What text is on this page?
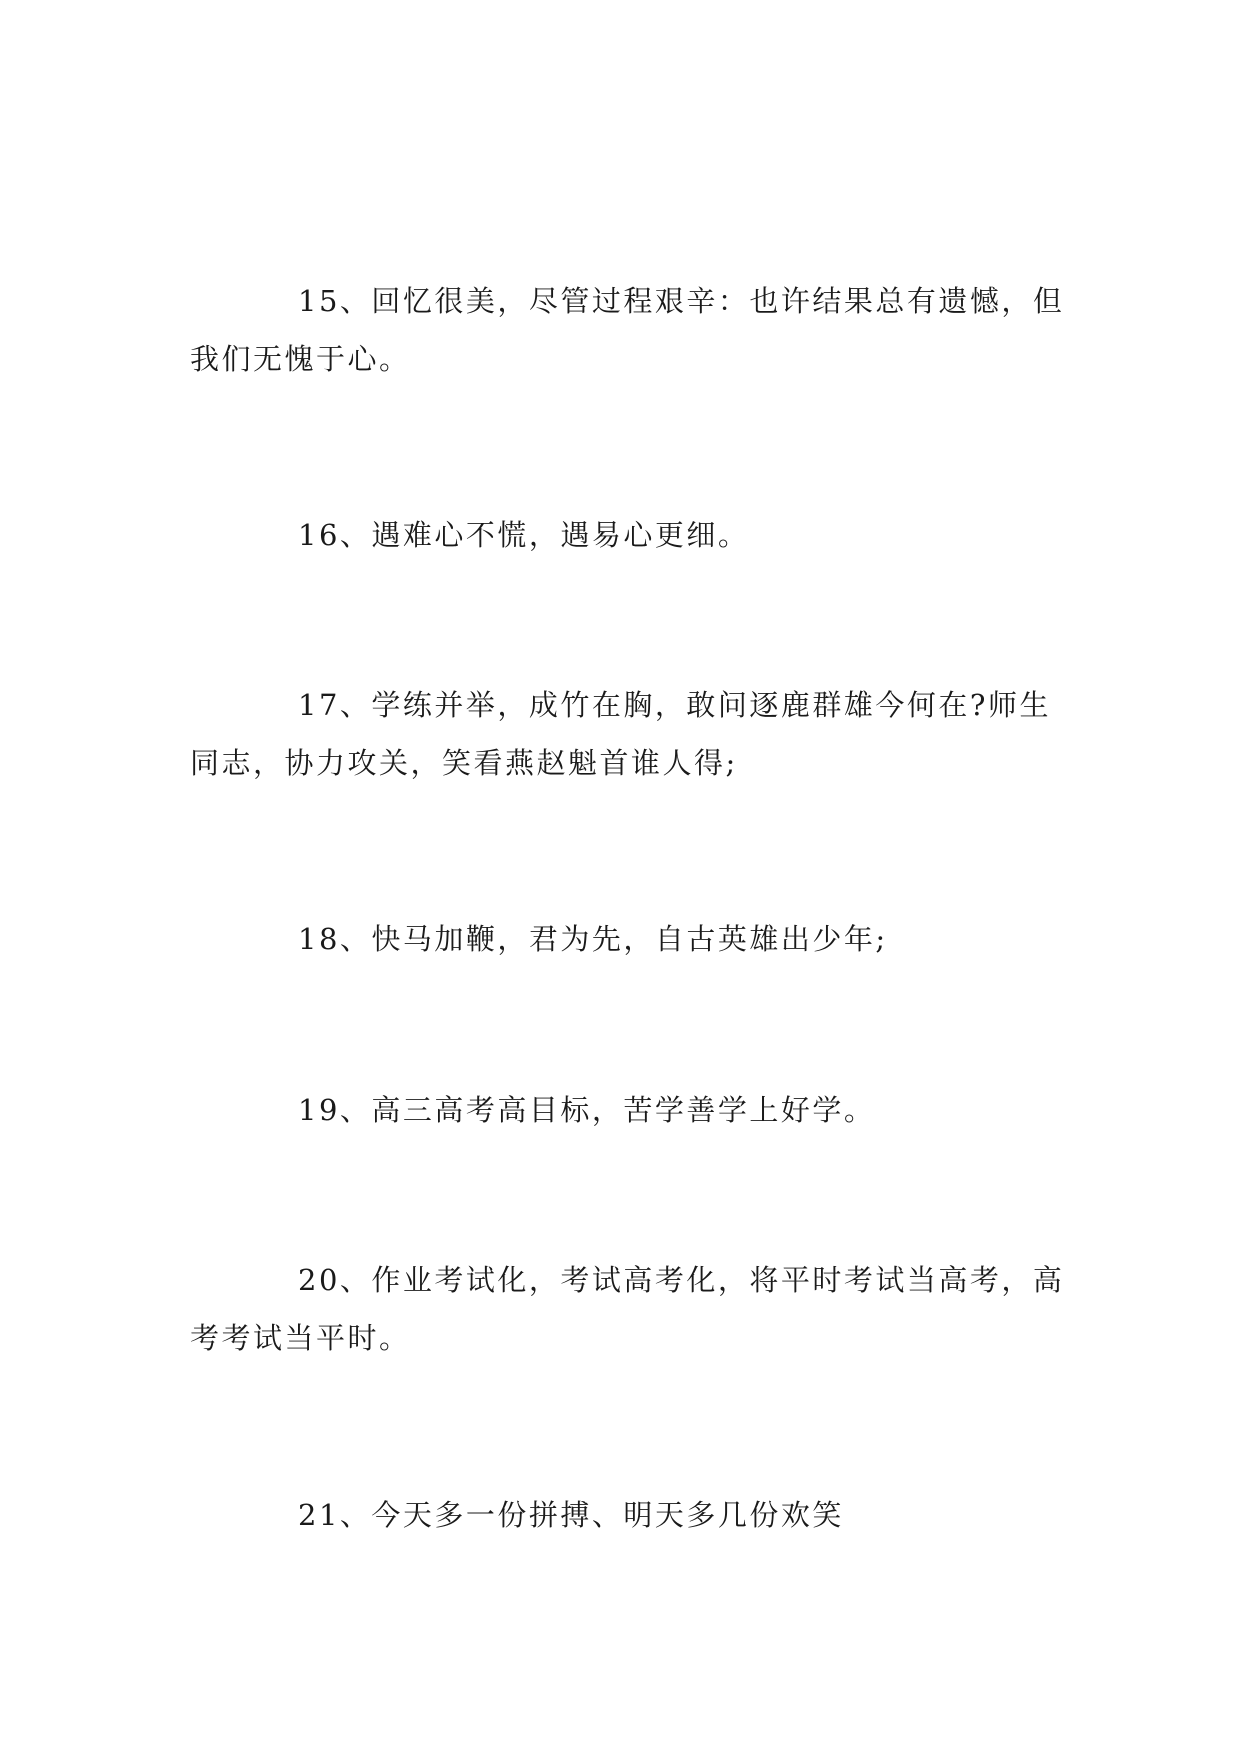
15、回忆很美，尽管过程艰辛：也许结果总有遗憾，但我们无愧于心。

16、遇难心不慌，遇易心更细。

17、学练并举，成竹在胸，敢问逐鹿群雄今何在?师生同志，协力攻关，笑看燕赵魁首谁人得;

18、快马加鞭，君为先，自古英雄出少年;

19、高三高考高目标，苦学善学上好学。

20、作业考试化，考试高考化，将平时考试当高考，高考考试当平时。

21、今天多一份拼搏、明天多几份欢笑
